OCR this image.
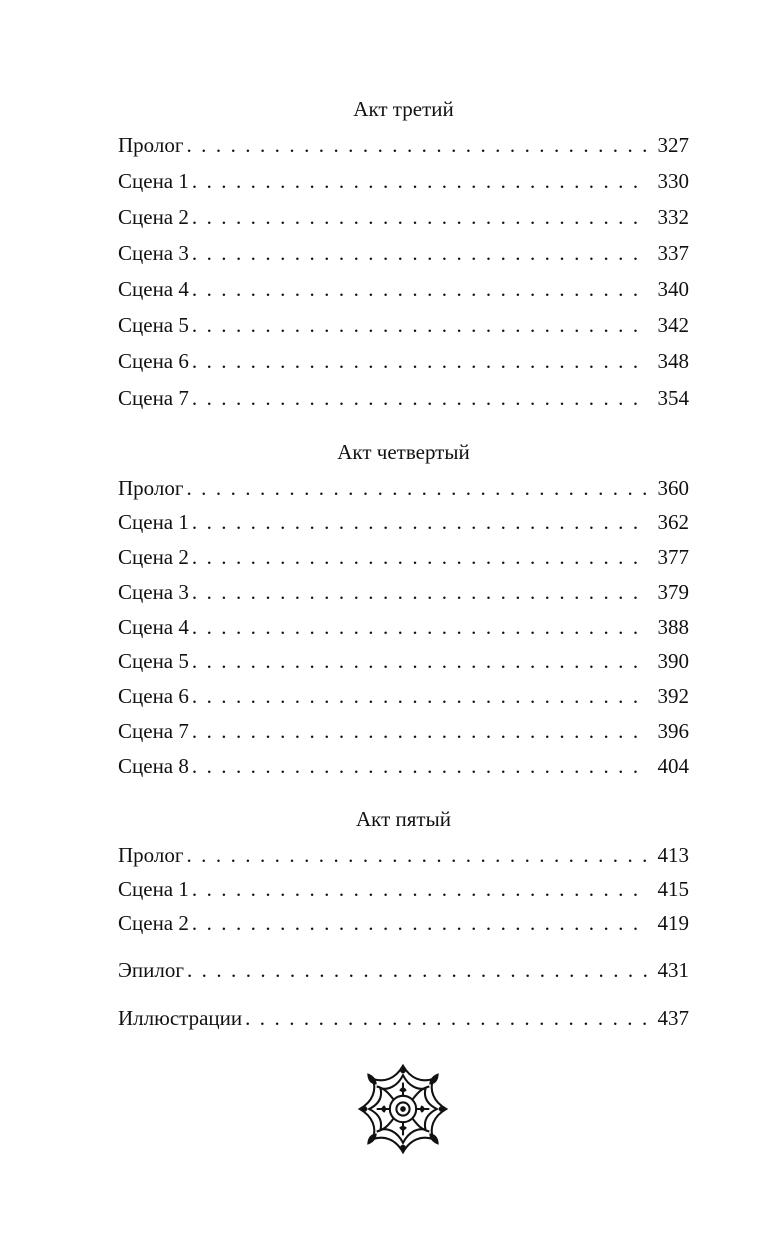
Акт третий
Пролог . . .	327
Сцена 1 . . .	330
Сцена 2 . . .	332
Сцена 3 . . .	337
Сцена 4 . . .	340
Сцена 5 . . .	342
Сцена 6 . . .	348
Сцена 7 . . .	354
Акт четвертый
Пролог . . .	360
Сцена 1 . . .	362
Сцена 2 . . .	377
Сцена 3 . . .	379
Сцена 4 . . .	388
Сцена 5 . . .	390
Сцена 6 . . .	392
Сцена 7 . . .	396
Сцена 8 . . .	404
Акт пятый
Пролог . . .	413
Сцена 1 . . .	415
Сцена 2 . . .	419
Эпилог . . .	431
Иллюстрации . . .	437
